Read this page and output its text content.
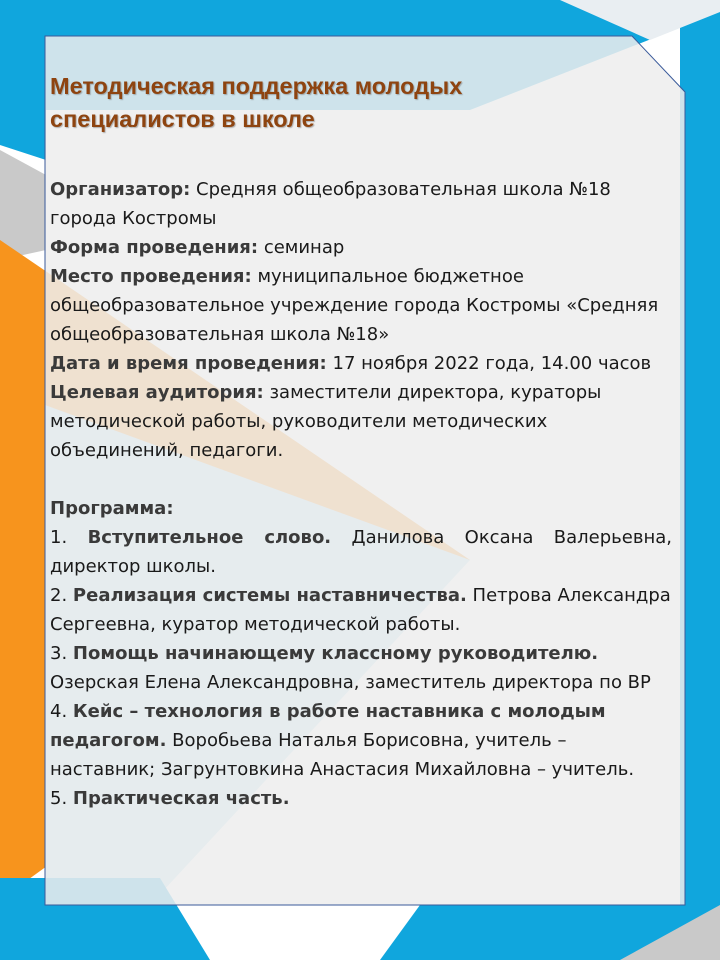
Методическая поддержка молодых
специалистов в школе

Организатор: Средняя общеобразовательная школа №18 города Костромы

Форма проведения: семинар

Место проведения: муниципальное бюджетное общеобразовательное учреждение города Костромы «Средняя общеобразовательная школа №18»

Дата и время проведения: 17 ноября 2022 года, 14.00 часов

Целевая аудитория: заместители директора, кураторы методической работы, руководители методических объединений, педагоги.

Программа:

1. Вступительное слово. Данилова Оксана Валерьевна,

директор школы.

2. Реализация системы наставничества. Петрова Александра Сергеевна, куратор методической работы.

3. Помощь начинающему классному руководителю. Озерская Елена Александровна, заместитель директора по ВР

4. Кейс – технология в работе наставника с молодым педагогом. Воробьева Наталья Борисовна, учитель – наставник; Загрунтовкина Анастасия Михайловна – учитель.

5. Практическая часть.
